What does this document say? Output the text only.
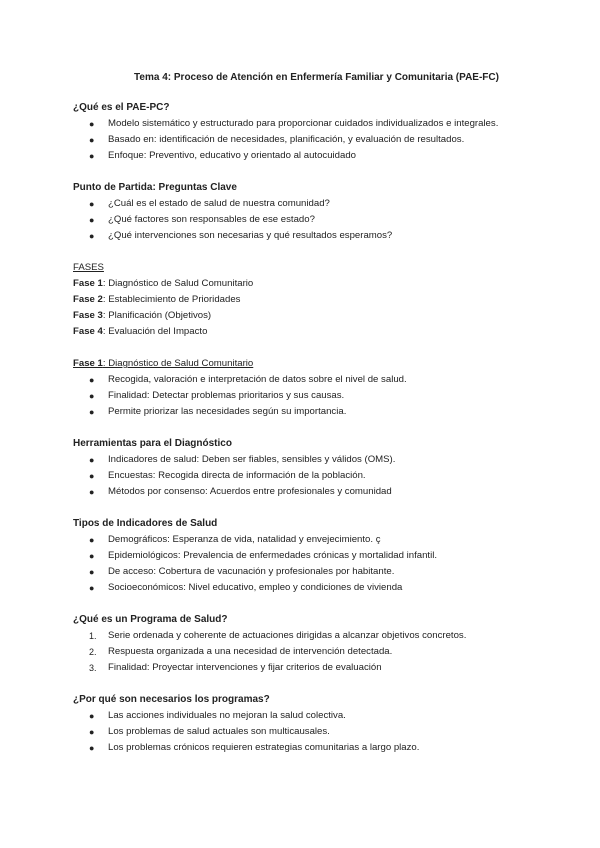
Tema 4: Proceso de Atención en Enfermería Familiar y Comunitaria (PAE-FC)
¿Qué es el PAE-PC?
● Modelo sistemático y estructurado para proporcionar cuidados individualizados e integrales.
● Basado en: identificación de necesidades, planificación, y evaluación de resultados.
● Enfoque: Preventivo, educativo y orientado al autocuidado
Punto de Partida: Preguntas Clave
● ¿Cuál es el estado de salud de nuestra comunidad?
● ¿Qué factores son responsables de ese estado?
● ¿Qué intervenciones son necesarias y qué resultados esperamos?
FASES
Fase 1: Diagnóstico de Salud Comunitario
Fase 2: Establecimiento de Prioridades
Fase 3: Planificación (Objetivos)
Fase 4: Evaluación del Impacto
Fase 1: Diagnóstico de Salud Comunitario
● Recogida, valoración e interpretación de datos sobre el nivel de salud.
● Finalidad: Detectar problemas prioritarios y sus causas.
● Permite priorizar las necesidades según su importancia.
Herramientas para el Diagnóstico
● Indicadores de salud: Deben ser fiables, sensibles y válidos (OMS).
● Encuestas: Recogida directa de información de la población.
● Métodos por consenso: Acuerdos entre profesionales y comunidad
Tipos de Indicadores de Salud
● Demográficos: Esperanza de vida, natalidad y envejecimiento. ç
● Epidemiológicos: Prevalencia de enfermedades crónicas y mortalidad infantil.
● De acceso: Cobertura de vacunación y profesionales por habitante.
● Socioeconómicos: Nivel educativo, empleo y condiciones de vivienda
¿Qué es un Programa de Salud?
1. Serie ordenada y coherente de actuaciones dirigidas a alcanzar objetivos concretos.
2. Respuesta organizada a una necesidad de intervención detectada.
3. Finalidad: Proyectar intervenciones y fijar criterios de evaluación
¿Por qué son necesarios los programas?
● Las acciones individuales no mejoran la salud colectiva.
● Los problemas de salud actuales son multicausales.
● Los problemas crónicos requieren estrategias comunitarias a largo plazo.
